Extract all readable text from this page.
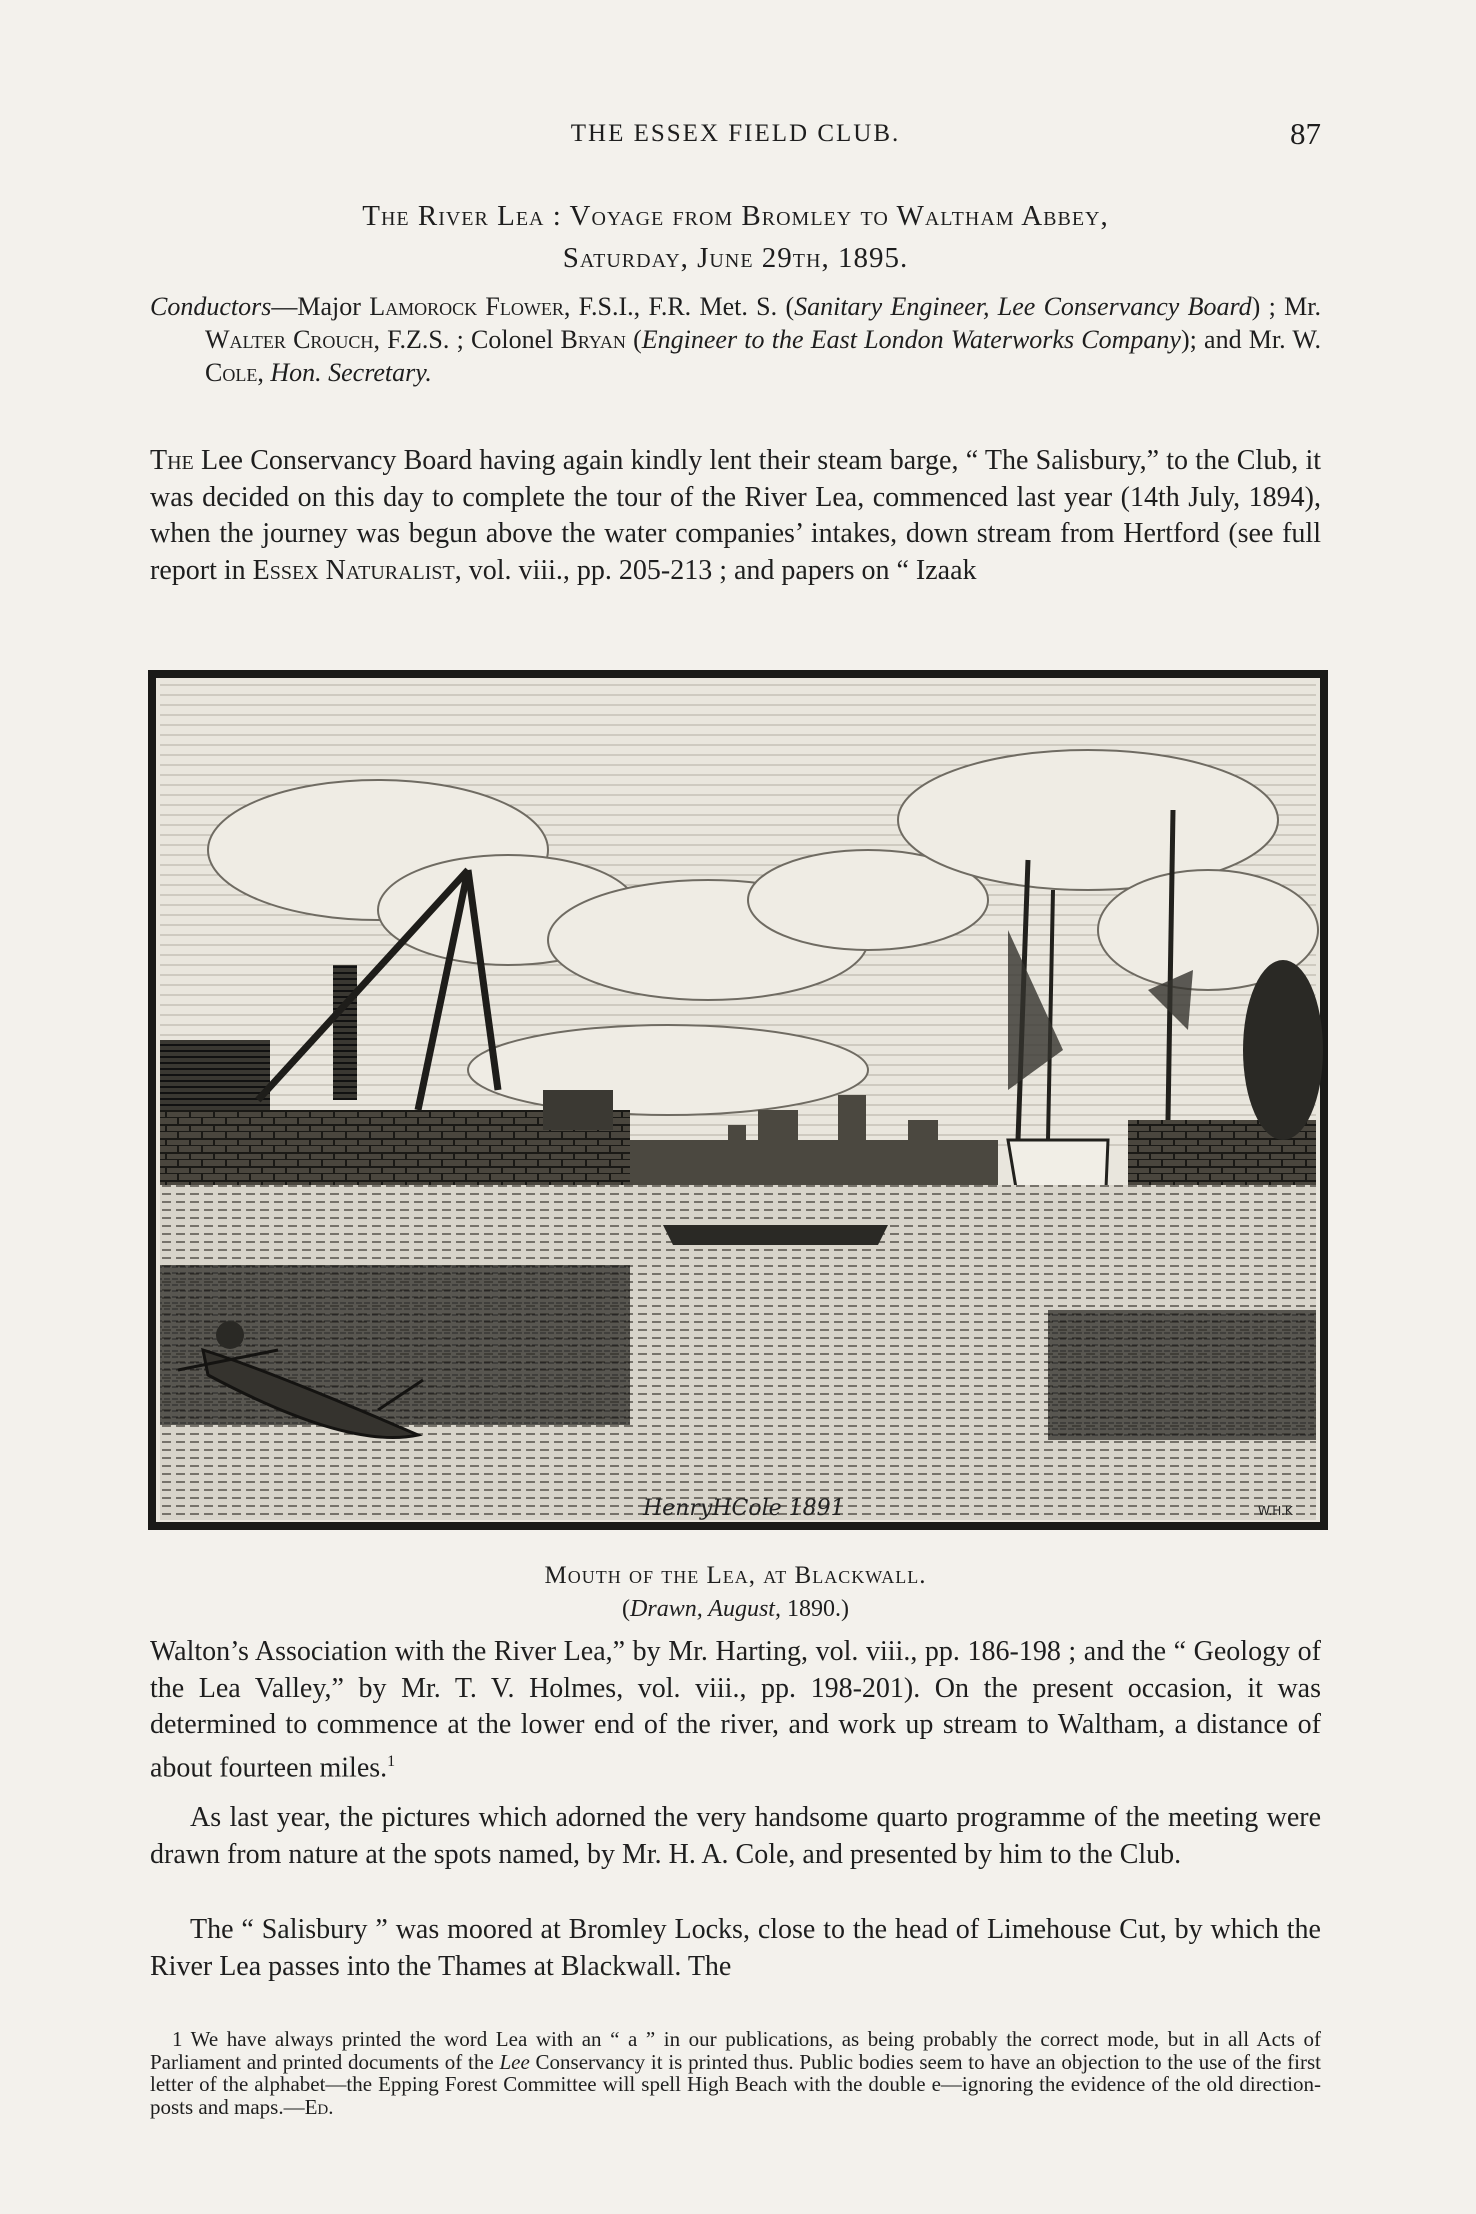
THE ESSEX FIELD CLUB.	87
The River Lea : Voyage from Bromley to Waltham Abbey,
Saturday, June 29th, 1895.
Conductors—Major Lamorock Flower, F.S.I., F.R. Met. S. (Sanitary Engineer, Lee Conservancy Board) ; Mr. Walter Crouch, F.Z.S. ; Colonel Bryan (Engineer to the East London Waterworks Company); and Mr. W. Cole, Hon. Secretary.
The Lee Conservancy Board having again kindly lent their steam barge, “ The Salisbury,” to the Club, it was decided on this day to complete the tour of the River Lea, commenced last year (14th July, 1894), when the journey was begun above the water companies’ intakes, down stream from Hertford (see full report in Essex Naturalist, vol. viii., pp. 205-213 ; and papers on “ Izaak
HenryHCole 1891	W.H.K
Mouth of the Lea, at Blackwall.
(Drawn, August, 1890.)
Walton’s Association with the River Lea,” by Mr. Harting, vol. viii., pp. 186-198 ; and the “ Geology of the Lea Valley,” by Mr. T. V. Holmes, vol. viii., pp. 198-201). On the present occasion, it was determined to commence at the lower end of the river, and work up stream to Waltham, a distance of about fourteen miles.$^1$
As last year, the pictures which adorned the very handsome quarto programme of the meeting were drawn from nature at the spots named, by Mr. H. A. Cole, and presented by him to the Club.
The “ Salisbury ” was moored at Bromley Locks, close to the head of Limehouse Cut, by which the River Lea passes into the Thames at Blackwall. The
1 We have always printed the word Lea with an “ a ” in our publications, as being probably the correct mode, but in all Acts of Parliament and printed documents of the Lee Conservancy it is printed thus. Public bodies seem to have an objection to the use of the first letter of the alphabet—the Epping Forest Committee will spell High Beach with the double e—ignoring the evidence of the old direction-posts and maps.—Ed.
